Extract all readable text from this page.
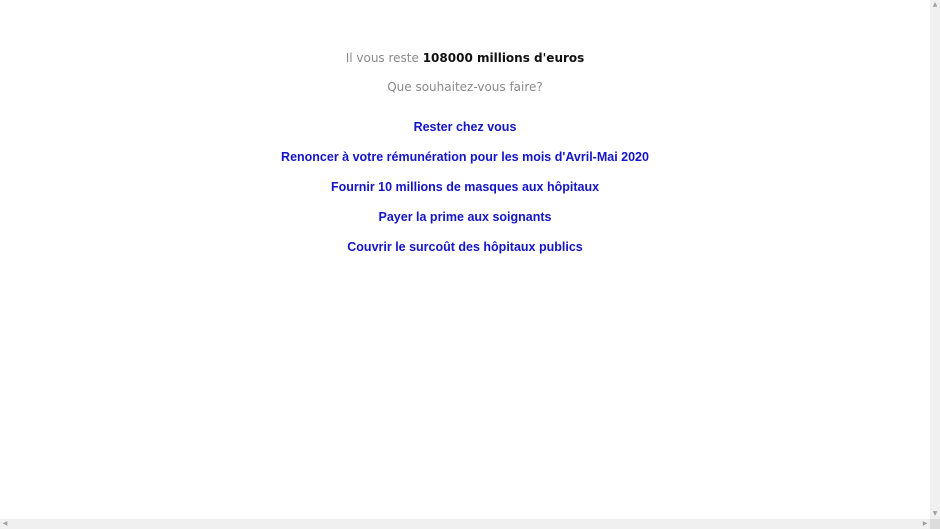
Il vous reste 108000 millions d'euros
Que souhaitez-vous faire?
Rester chez vous
Renoncer à votre rémunération pour les mois d'Avril-Mai 2020
Fournir 10 millions de masques aux hôpitaux
Payer la prime aux soignants
Couvrir le surcoût des hôpitaux publics
▲
▼
◀	▶
